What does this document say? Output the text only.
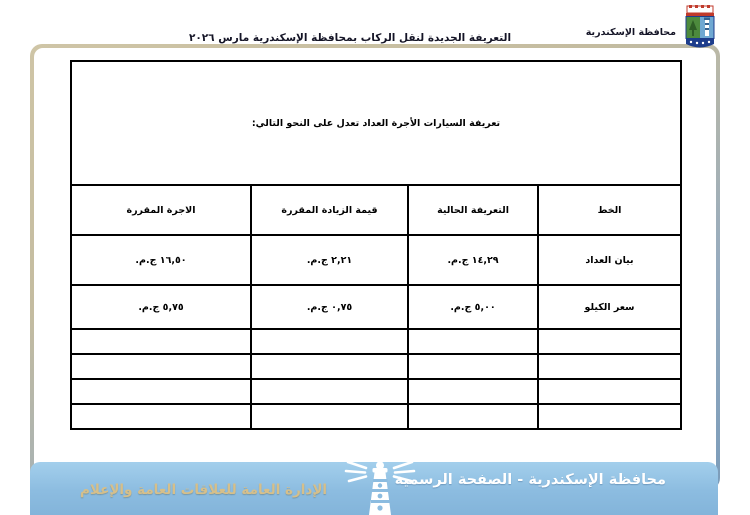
محافظة الإسكندرية
التعريفة الجديدة لنقل الركاب بمحافظة الإسكندرية مارس ٢٠٢٦
تعريفة السيارات الأجرة العداد تعدل على النحو التالي:			
الخط	التعريفة الحالية	قيمة الزيادة المقررة	الاجرة المقررة
بيان العداد	١٤,٢٩ ج.م.	٢,٢١ ج.م.	١٦,٥٠ ج.م.
سعر الكيلو	٥,٠٠ ج.م.	٠,٧٥ ج.م.	٥,٧٥ ج.م.

محافظة الإسكندرية - الصفحة الرسمية
الإدارة العامة للعلاقات العامة والإعلام
